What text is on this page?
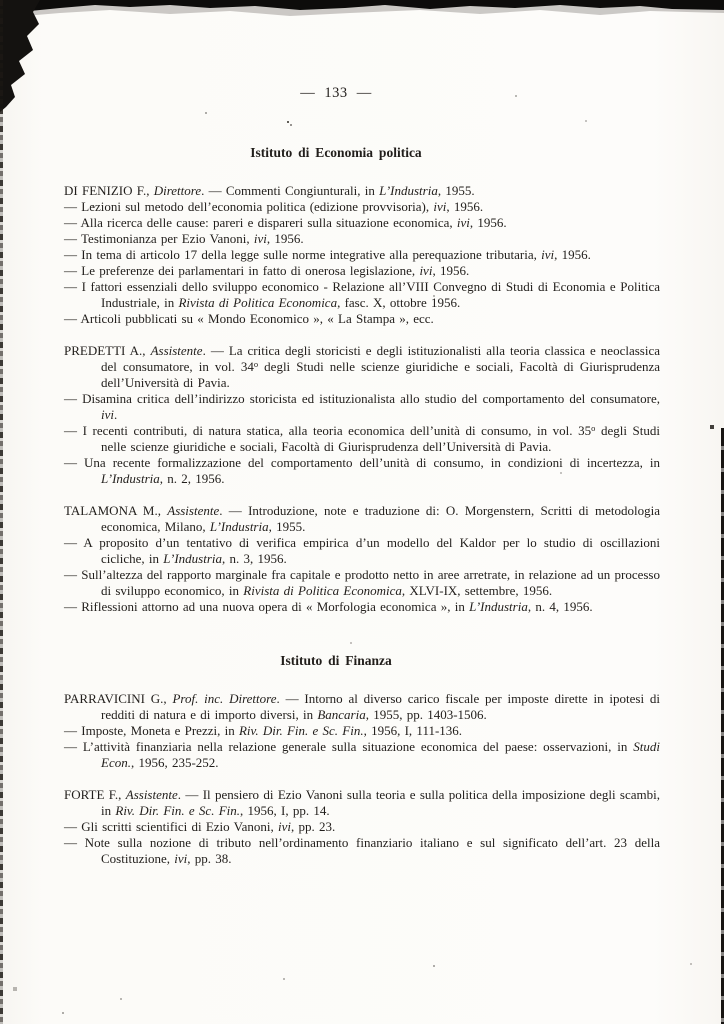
— 133 —
Istituto di Economia politica

DI FENIZIO F., Direttore. — Commenti Congiunturali, in L’Industria, 1955.

— Lezioni sul metodo dell’economia politica (edizione provvisoria), ivi, 1956.

— Alla ricerca delle cause: pareri e dispareri sulla situazione economica, ivi, 1956.

— Testimonianza per Ezio Vanoni, ivi, 1956.

— In tema di articolo 17 della legge sulle norme integrative alla perequazione tributaria, ivi, 1956.

— Le preferenze dei parlamentari in fatto di onerosa legislazione, ivi, 1956.

— I fattori essenziali dello sviluppo economico - Relazione all’VIII Convegno di Studi di Economia e Politica Industriale, in Rivista di Politica Economica, fasc. X, ottobre 1956.

— Articoli pubblicati su « Mondo Economico », « La Stampa », ecc.

PREDETTI A., Assistente. — La critica degli storicisti e degli istituzionalisti alla teoria classica e neoclassica del consumatore, in vol. 34$^o$ degli Studi nelle scienze giuridiche e sociali, Facoltà di Giurisprudenza dell’Università di Pavia.

— Disamina critica dell’indirizzo storicista ed istituzionalista allo studio del comportamento del consumatore, ivi.

— I recenti contributi, di natura statica, alla teoria economica dell’unità di consumo, in vol. 35$^o$ degli Studi nelle scienze giuridiche e sociali, Facoltà di Giurisprudenza dell’Università di Pavia.

— Una recente formalizzazione del comportamento dell’unità di consumo, in condizioni di incertezza, in L’Industria, n. 2, 1956.

TALAMONA M., Assistente. — Introduzione, note e traduzione di: O. Morgenstern, Scritti di metodologia economica, Milano, L’Industria, 1955.

— A proposito d’un tentativo di verifica empirica d’un modello del Kaldor per lo studio di oscillazioni cicliche, in L’Industria, n. 3, 1956.

— Sull’altezza del rapporto marginale fra capitale e prodotto netto in aree arretrate, in relazione ad un processo di sviluppo economico, in Rivista di Politica Economica, XLVI-IX, settembre, 1956.

— Riflessioni attorno ad una nuova opera di « Morfologia economica », in L’Industria, n. 4, 1956.

Istituto di Finanza

PARRAVICINI G., Prof. inc. Direttore. — Intorno al diverso carico fiscale per imposte dirette in ipotesi di redditi di natura e di importo diversi, in Bancaria, 1955, pp. 1403-1506.

— Imposte, Moneta e Prezzi, in Riv. Dir. Fin. e Sc. Fin., 1956, I, 111-136.

— L’attività finanziaria nella relazione generale sulla situazione economica del paese: osservazioni, in Studi Econ., 1956, 235-252.

FORTE F., Assistente. — Il pensiero di Ezio Vanoni sulla teoria e sulla politica della imposizione degli scambi, in Riv. Dir. Fin. e Sc. Fin., 1956, I, pp. 14.

— Gli scritti scientifici di Ezio Vanoni, ivi, pp. 23.

— Note sulla nozione di tributo nell’ordinamento finanziario italiano e sul significato dell’art. 23 della Costituzione, ivi, pp. 38.
